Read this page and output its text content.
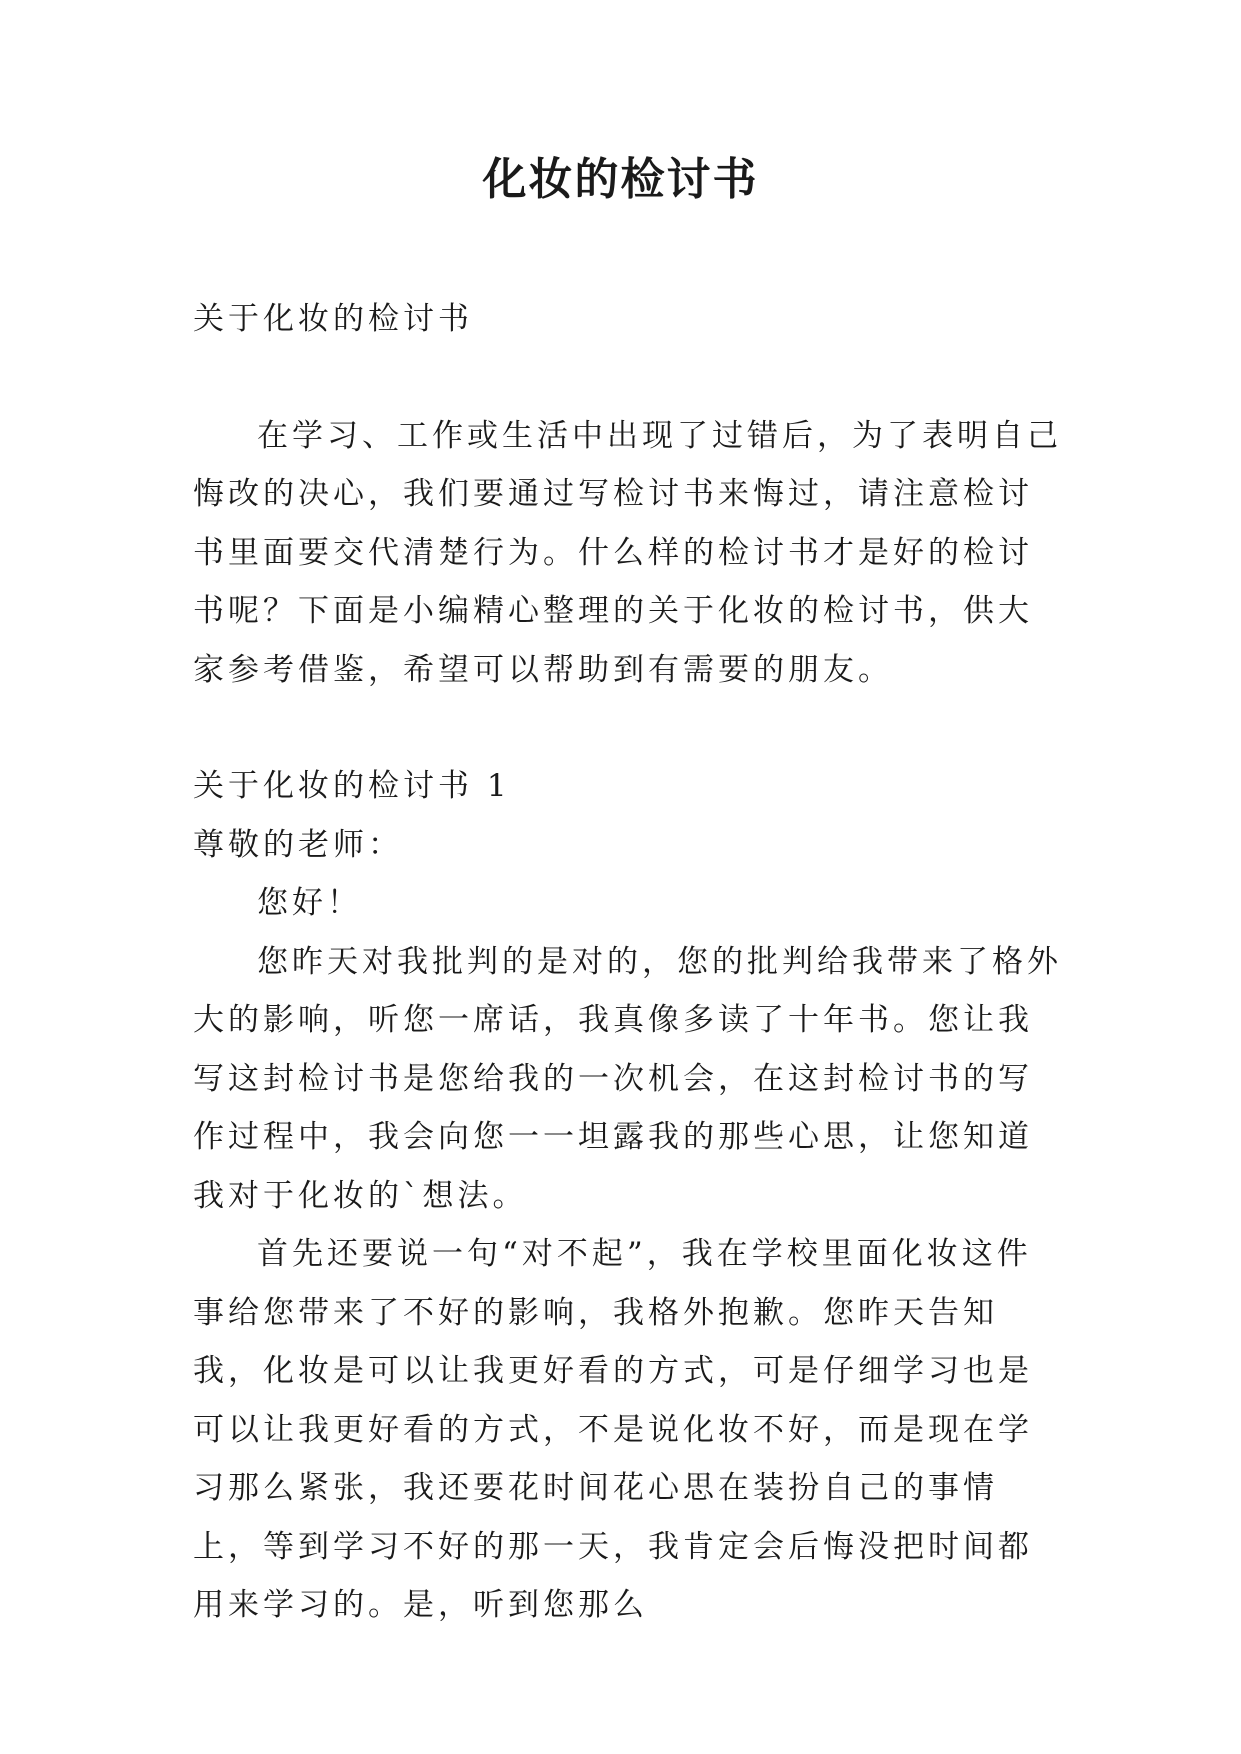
化妆的检讨书

关于化妆的检讨书

在学习、工作或生活中出现了过错后，为了表明自己悔改的决心，我们要通过写检讨书来悔过，请注意检讨书里面要交代清楚行为。什么样的检讨书才是好的检讨书呢？下面是小编精心整理的关于化妆的检讨书，供大家参考借鉴，希望可以帮助到有需要的朋友。

关于化妆的检讨书 1

尊敬的老师：

您好！

您昨天对我批判的是对的，您的批判给我带来了格外大的影响，听您一席话，我真像多读了十年书。您让我写这封检讨书是您给我的一次机会，在这封检讨书的写作过程中，我会向您一一坦露我的那些心思，让您知道我对于化妆的`想法。

首先还要说一句“对不起”，我在学校里面化妆这件事给您带来了不好的影响，我格外抱歉。您昨天告知我，化妆是可以让我更好看的方式，可是仔细学习也是可以让我更好看的方式，不是说化妆不好，而是现在学习那么紧张，我还要花时间花心思在装扮自己的事情上，等到学习不好的那一天，我肯定会后悔没把时间都用来学习的。是，听到您那么
